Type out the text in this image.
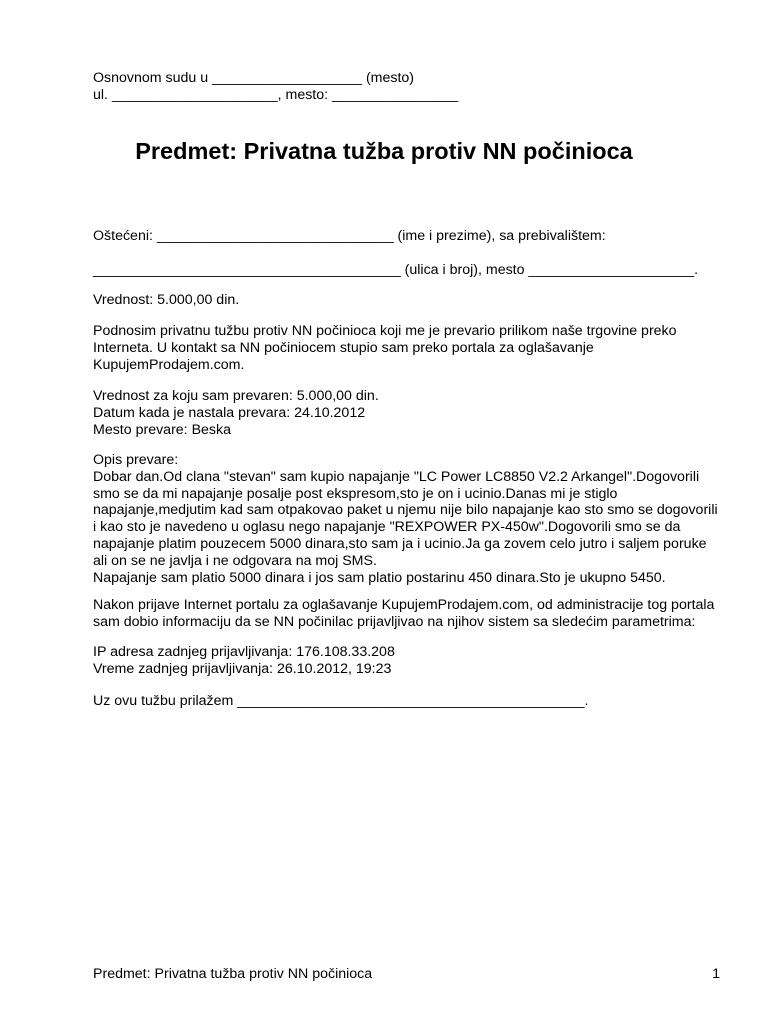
Osnovnom sudu u ___________________ (mesto)
ul. _____________________, mesto: ________________
Predmet: Privatna tužba protiv NN počinioca
Oštećeni: ______________________________ (ime i prezime), sa prebivalištem:
_______________________________________ (ulica i broj), mesto _____________________.
Vrednost: 5.000,00 din.
Podnosim privatnu tužbu protiv NN počinioca koji me je prevario prilikom naše trgovine preko
Interneta. U kontakt sa NN počiniocem stupio sam preko portala za oglašavanje
KupujemProdajem.com.
Vrednost za koju sam prevaren: 5.000,00 din.
Datum kada je nastala prevara: 24.10.2012
Mesto prevare: Beska
Opis prevare:
Dobar dan.Od clana "stevan" sam kupio napajanje "LC Power LC8850 V2.2 Arkangel".Dogovorili
smo se da mi napajanje posalje post ekspresom,sto je on i ucinio.Danas mi je stiglo
napajanje,medjutim kad sam otpakovao paket u njemu nije bilo napajanje kao sto smo se dogovorili
i kao sto je navedeno u oglasu nego napajanje "REXPOWER PX-450w".Dogovorili smo se da
napajanje platim pouzecem 5000 dinara,sto sam ja i ucinio.Ja ga zovem celo jutro i saljem poruke
ali on se ne javlja i ne odgovara na moj SMS.
Napajanje sam platio 5000 dinara i jos sam platio postarinu 450 dinara.Sto je ukupno 5450.
Nakon prijave Internet portalu za oglašavanje KupujemProdajem.com, od administracije tog portala
sam dobio informaciju da se NN počinilac prijavljivao na njihov sistem sa sledećim parametrima:
IP adresa zadnjeg prijavljivanja: 176.108.33.208
Vreme zadnjeg prijavljivanja: 26.10.2012, 19:23
Uz ovu tužbu prilažem ____________________________________________.
Predmet: Privatna tužba protiv NN počinioca	1
